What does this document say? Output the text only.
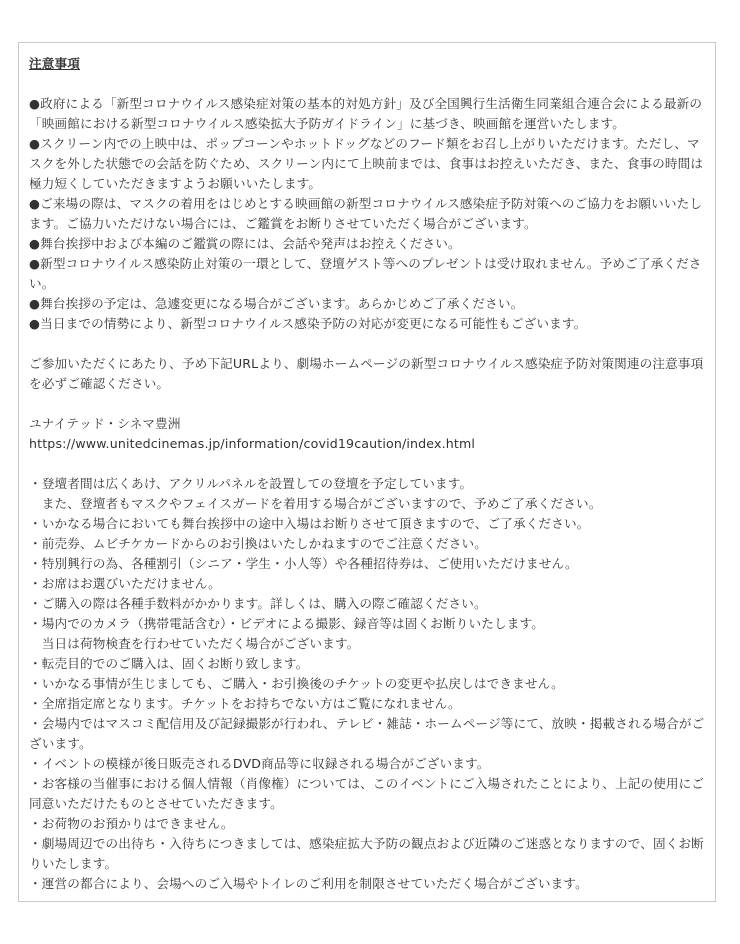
注意事項

●政府による「新型コロナウイルス感染症対策の基本的対処方針」及び全国興行生活衛生同業組合連合会による最新の「映画館における新型コロナウイルス感染拡大予防ガイドライン」に基づき、映画館を運営いたします。

●スクリーン内での上映中は、ポップコーンやホットドッグなどのフード類をお召し上がりいただけます。ただし、マスクを外した状態での会話を防ぐため、スクリーン内にて上映前までは、食事はお控えいただき、また、食事の時間は極力短くしていただきますようお願いいたします。

●ご来場の際は、マスクの着用をはじめとする映画館の新型コロナウイルス感染症予防対策へのご協力をお願いいたします。ご協力いただけない場合には、ご鑑賞をお断りさせていただく場合がございます。

●舞台挨拶中および本編のご鑑賞の際には、会話や発声はお控えください。

●新型コロナウイルス感染防止対策の一環として、登壇ゲスト等へのプレゼントは受け取れません。予めご了承ください。

●舞台挨拶の予定は、急遽変更になる場合がございます。あらかじめご了承ください。

●当日までの情勢により、新型コロナウイルス感染予防の対応が変更になる可能性もございます。

ご参加いただくにあたり、予め下記URLより、劇場ホームページの新型コロナウイルス感染症予防対策関連の注意事項を必ずご確認ください。

ユナイテッド・シネマ豊洲

https://www.unitedcinemas.jp/information/covid19caution/index.html

・登壇者間は広くあけ、アクリルパネルを設置しての登壇を予定しています。

　また、登壇者もマスクやフェイスガードを着用する場合がございますので、予めご了承ください。

・いかなる場合においても舞台挨拶中の途中入場はお断りさせて頂きますので、ご了承ください。

・前売券、ムビチケカードからのお引換はいたしかねますのでご注意ください。

・特別興行の為、各種割引（シニア・学生・小人等）や各種招待券は、ご使用いただけません。

・お席はお選びいただけません。

・ご購入の際は各種手数料がかかります。詳しくは、購入の際ご確認ください。

・場内でのカメラ（携帯電話含む）・ビデオによる撮影、録音等は固くお断りいたします。

　当日は荷物検査を行わせていただく場合がございます。

・転売目的でのご購入は、固くお断り致します。

・いかなる事情が生じましても、ご購入・お引換後のチケットの変更や払戻しはできません。

・全席指定席となります。チケットをお持ちでない方はご覧になれません。

・会場内ではマスコミ配信用及び記録撮影が行われ、テレビ・雑誌・ホームページ等にて、放映・掲載される場合がございます。

・イベントの模様が後日販売されるDVD商品等に収録される場合がございます。

・お客様の当催事における個人情報（肖像権）については、このイベントにご入場されたことにより、上記の使用にご同意いただけたものとさせていただきます。

・お荷物のお預かりはできません。

・劇場周辺での出待ち・入待ちにつきましては、感染症拡大予防の観点および近隣のご迷惑となりますので、固くお断りいたします。

・運営の都合により、会場へのご入場やトイレのご利用を制限させていただく場合がございます。
